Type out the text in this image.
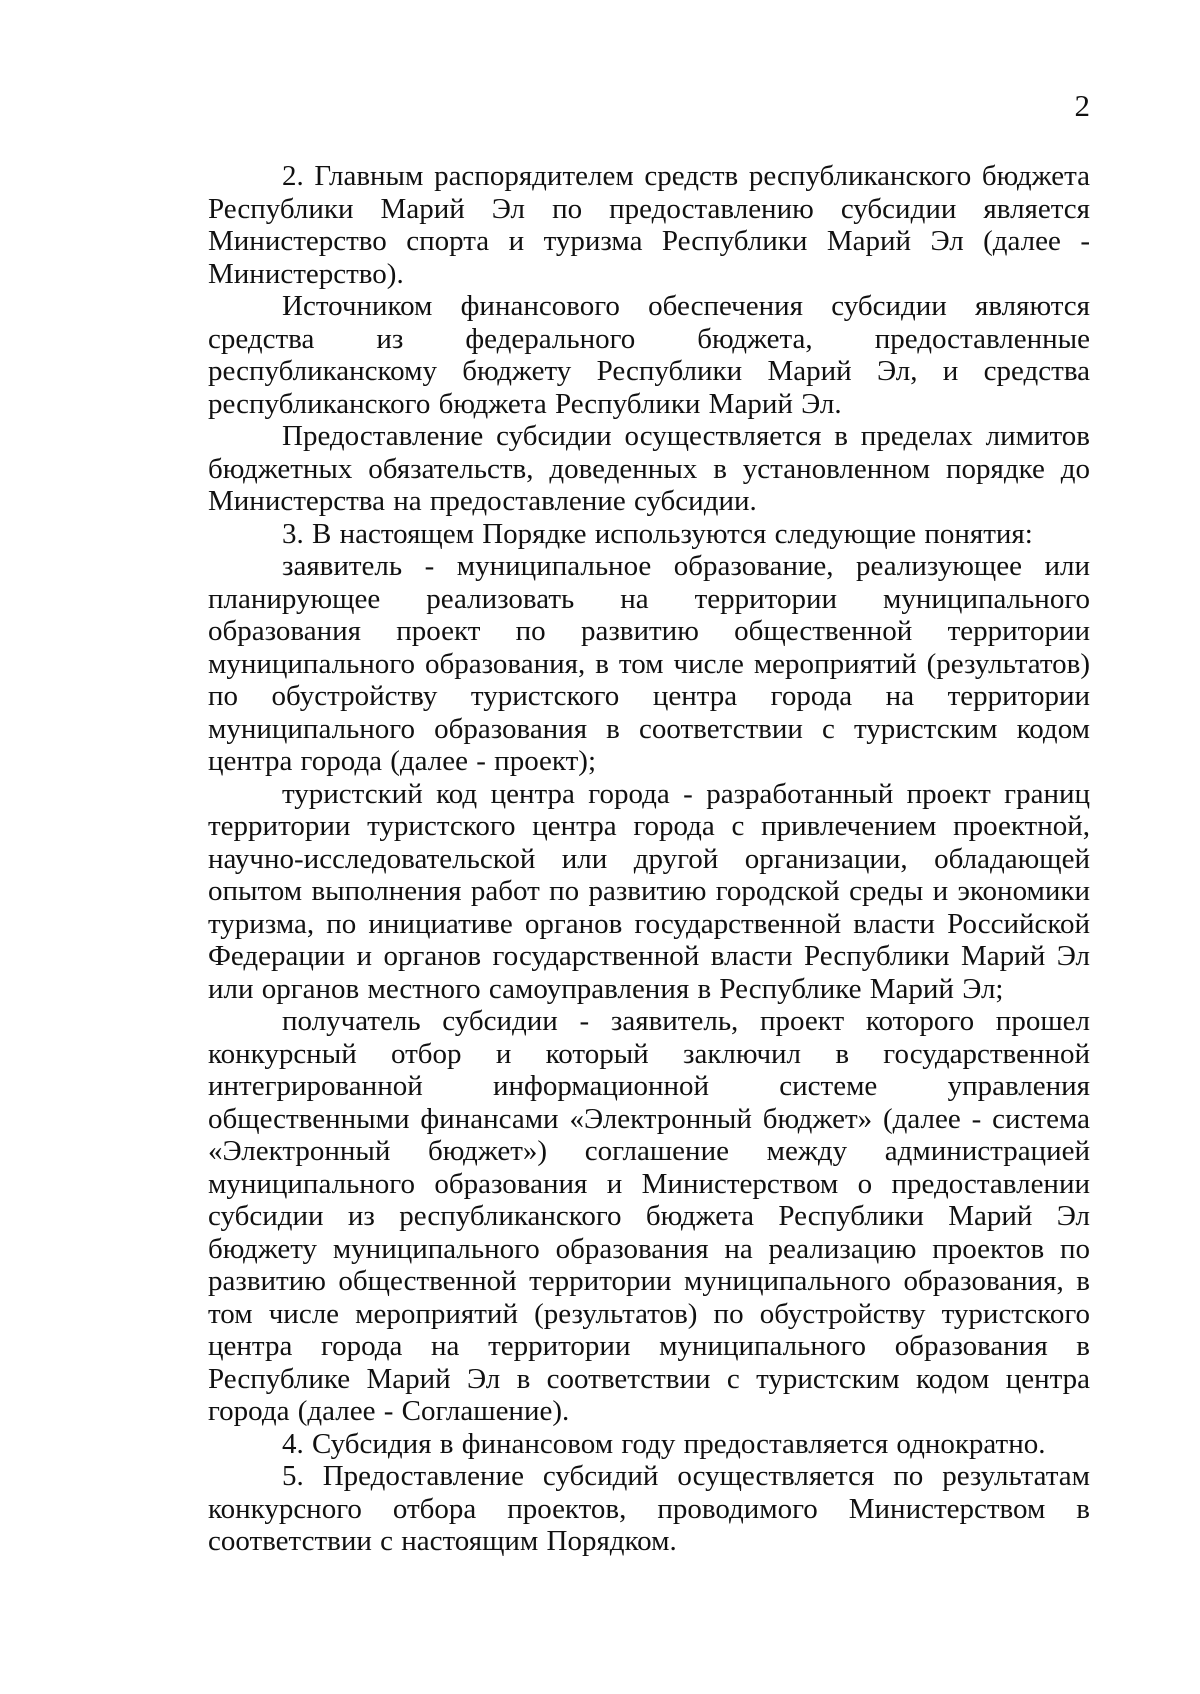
2

2. Главным распорядителем средств республиканского бюджета Республики Марий Эл по предоставлению субсидии является Министерство спорта и туризма Республики Марий Эл (далее - Министерство).

Источником финансового обеспечения субсидии являются средства из федерального бюджета, предоставленные республиканскому бюджету Республики Марий Эл, и средства республиканского бюджета Республики Марий Эл.

Предоставление субсидии осуществляется в пределах лимитов бюджетных обязательств, доведенных в установленном порядке до Министерства на предоставление субсидии.

3. В настоящем Порядке используются следующие понятия:

заявитель - муниципальное образование, реализующее или планирующее реализовать на территории муниципального образования проект по развитию общественной территории муниципального образования, в том числе мероприятий (результатов) по обустройству туристского центра города на территории муниципального образования в соответствии с туристским кодом центра города (далее - проект);

туристский код центра города - разработанный проект границ территории туристского центра города с привлечением проектной, научно-исследовательской или другой организации, обладающей опытом выполнения работ по развитию городской среды и экономики туризма, по инициативе органов государственной власти Российской Федерации и органов государственной власти Республики Марий Эл или органов местного самоуправления в Республике Марий Эл;

получатель субсидии - заявитель, проект которого прошел конкурсный отбор и который заключил в государственной интегрированной информационной системе управления общественными финансами «Электронный бюджет» (далее - система «Электронный бюджет») соглашение между администрацией муниципального образования и Министерством о предоставлении субсидии из республиканского бюджета Республики Марий Эл бюджету муниципального образования на реализацию проектов по развитию общественной территории муниципального образования, в том числе мероприятий (результатов) по обустройству туристского центра города на территории муниципального образования в Республике Марий Эл в соответствии с туристским кодом центра города (далее - Соглашение).

4. Субсидия в финансовом году предоставляется однократно.

5. Предоставление субсидий осуществляется по результатам конкурсного отбора проектов, проводимого Министерством в соответствии с настоящим Порядком.
